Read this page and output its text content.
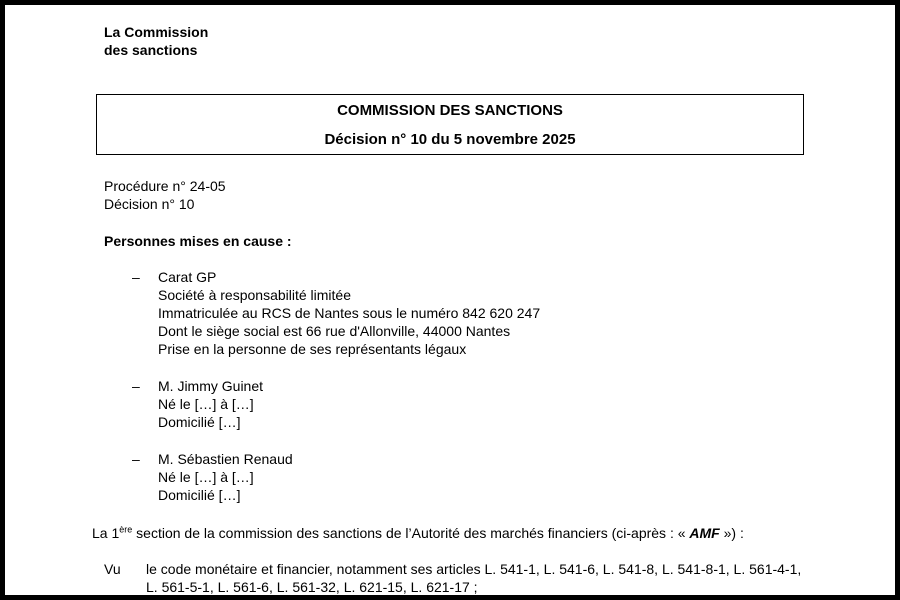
La Commission
des sanctions
COMMISSION DES SANCTIONS
Décision n° 10 du 5 novembre 2025
Procédure n° 24-05
Décision n° 10
Personnes mises en cause :
– Carat GP
Société à responsabilité limitée
Immatriculée au RCS de Nantes sous le numéro 842 620 247
Dont le siège social est 66 rue d'Allonville, 44000 Nantes
Prise en la personne de ses représentants légaux
– M. Jimmy Guinet
Né le […] à […]
Domicilié […]
– M. Sébastien Renaud
Né le […] à […]
Domicilié […]
La 1ère section de la commission des sanctions de l’Autorité des marchés financiers (ci-après : « AMF ») :
Vu le code monétaire et financier, notamment ses articles L. 541-1, L. 541-6, L. 541-8, L. 541-8-1, L. 561-4-1,
L. 561-5-1, L. 561-6, L. 561-32, L. 621-15, L. 621-17 ;
